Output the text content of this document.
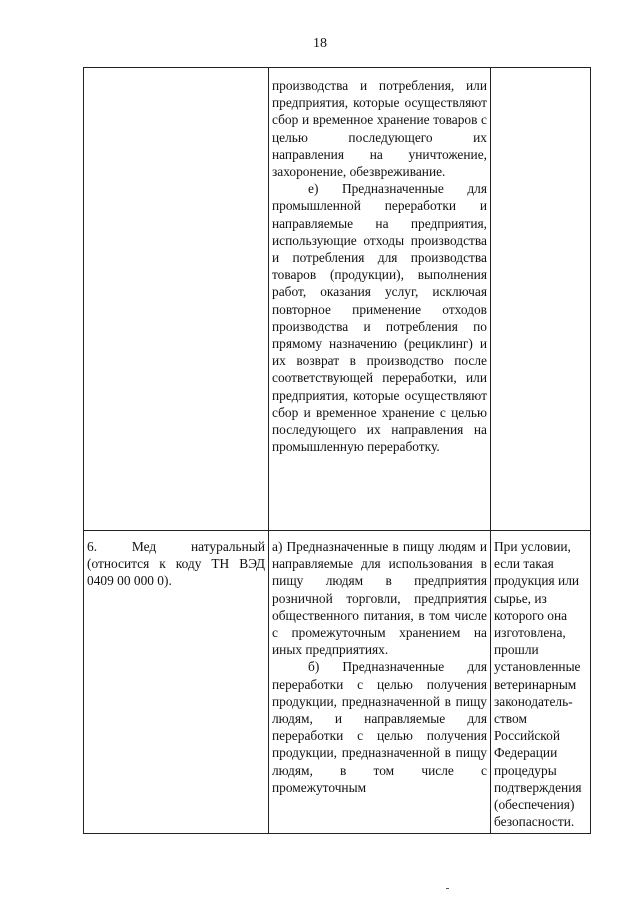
18

производства и потребления, или предприятия, которые осуществляют сбор и временное хранение товаров с целью последующего их направления на уничтожение, захоронение, обезвреживание.

е) Предназначенные для промышленной переработки и направляемые на предприятия, использующие отходы производства и потребления для производства товаров (продукции), выполнения работ, оказания услуг, исключая повторное применение отходов производства и потребления по прямому назначению (рециклинг) и их возврат в производство после соответствующей переработки, или предприятия, которые осуществляют сбор и временное хранение с целью последующего их направления на промышленную переработку.

6. Мед натуральный (относится к коду ТН ВЭД 0409 00 000 0).

а) Предназначенные в пищу людям и направляемые для использования в пищу людям в предприятия розничной торговли, предприятия общественного питания, в том числе с промежуточным хранением на иных предприятиях.

б) Предназначенные для переработки с целью получения продукции, предназначенной в пищу людям, и направляемые для переработки с целью получения продукции, предназначенной в пищу людям, в том числе с промежуточным

При условии, если такая продукция или сырье, из которого она изготовлена, прошли установленные ветеринарным законодатель-ством Российской Федерации процедуры подтверждения (обеспечения) безопасности.
